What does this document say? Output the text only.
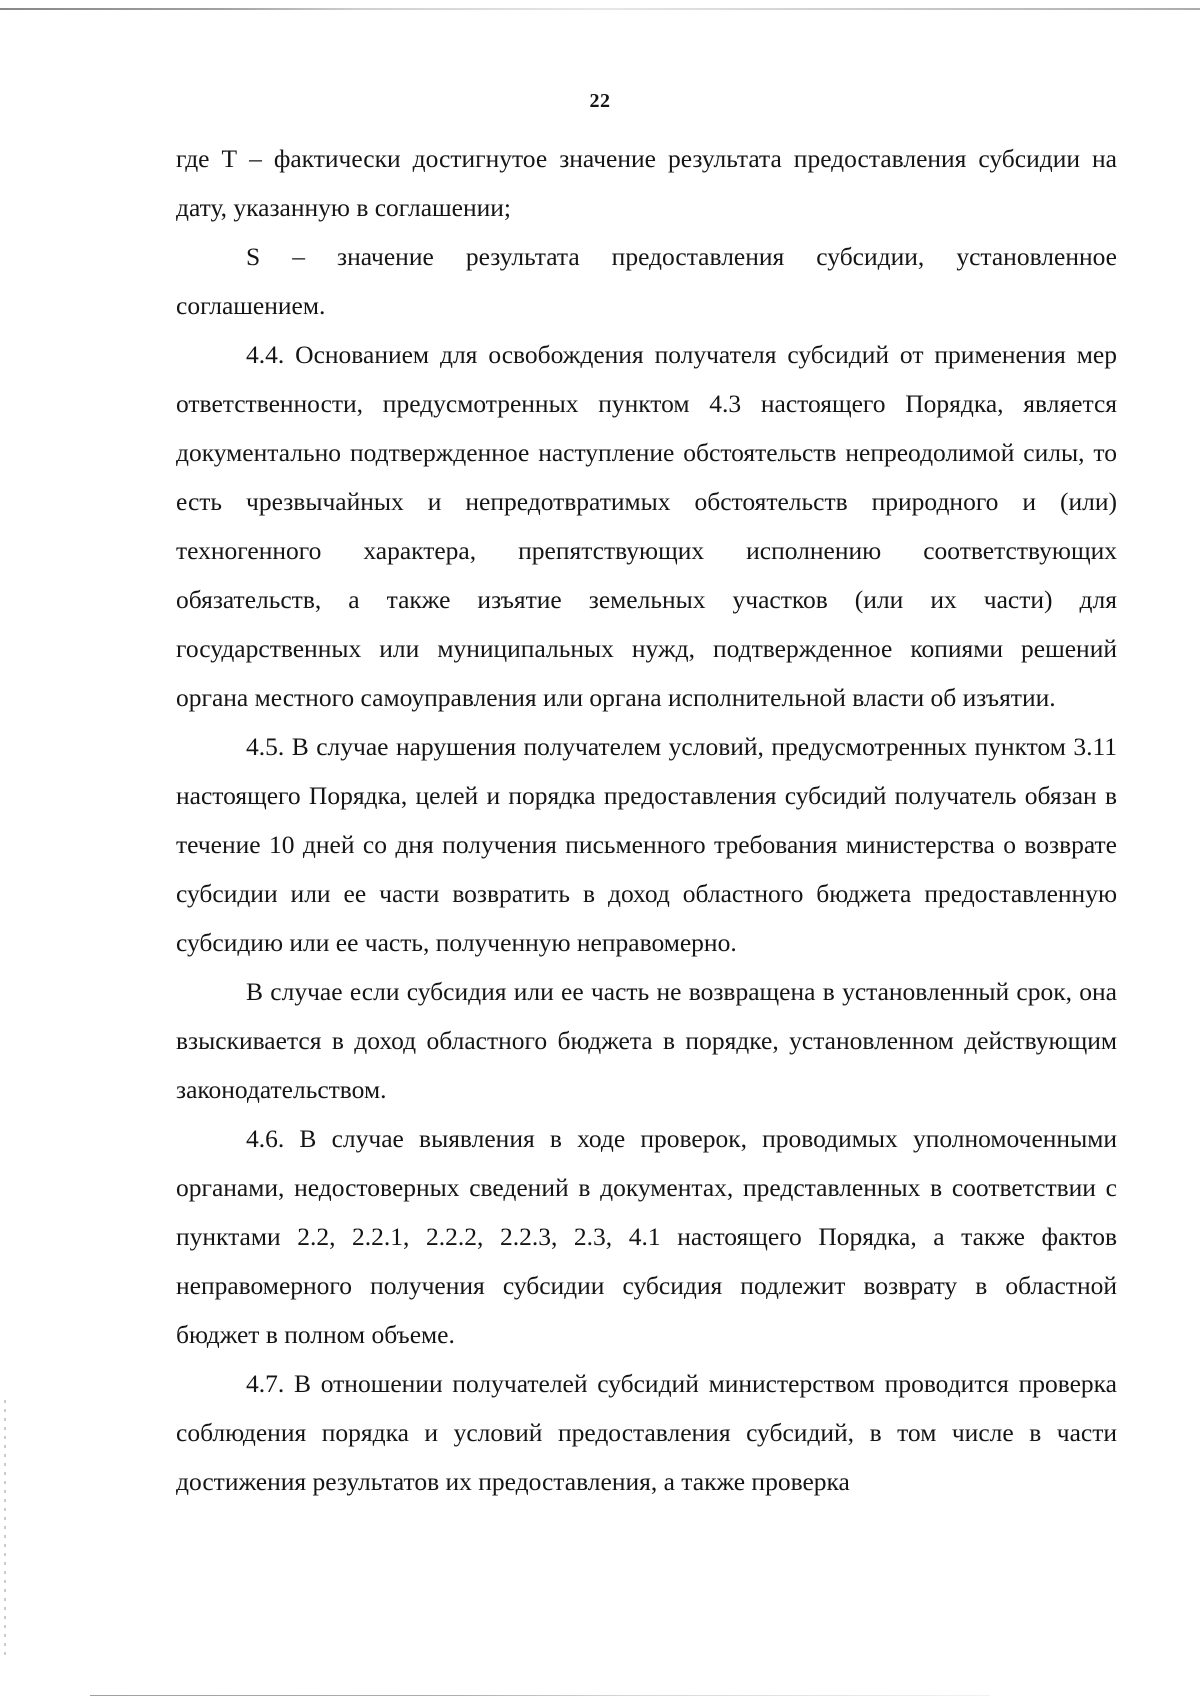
22

где Т – фактически достигнутое значение результата предоставления субсидии на дату, указанную в соглашении;

S – значение результата предоставления субсидии, установленное соглашением.

4.4. Основанием для освобождения получателя субсидий от применения мер ответственности, предусмотренных пунктом 4.3 настоящего Порядка, является документально подтвержденное наступление обстоятельств непреодолимой силы, то есть чрезвычайных и непредотвратимых обстоятельств природного и (или) техногенного характера, препятствующих исполнению соответствующих обязательств, а также изъятие земельных участков (или их части) для государственных или муниципальных нужд, подтвержденное копиями решений органа местного самоуправления или органа исполнительной власти об изъятии.

4.5. В случае нарушения получателем условий, предусмотренных пунктом 3.11 настоящего Порядка, целей и порядка предоставления субсидий получатель обязан в течение 10 дней со дня получения письменного требования министерства о возврате субсидии или ее части возвратить в доход областного бюджета предоставленную субсидию или ее часть, полученную неправомерно.

В случае если субсидия или ее часть не возвращена в установленный срок, она взыскивается в доход областного бюджета в порядке, установленном действующим законодательством.

4.6. В случае выявления в ходе проверок, проводимых уполномоченными органами, недостоверных сведений в документах, представленных в соответствии с пунктами 2.2, 2.2.1, 2.2.2, 2.2.3, 2.3, 4.1 настоящего Порядка, а также фактов неправомерного получения субсидии субсидия подлежит возврату в областной бюджет в полном объеме.

4.7. В отношении получателей субсидий министерством проводится проверка соблюдения порядка и условий предоставления субсидий, в том числе в части достижения результатов их предоставления, а также проверка
